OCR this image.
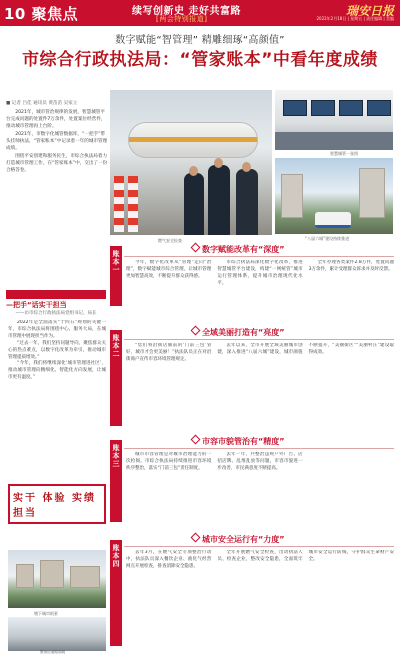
10 聚焦点	续写创新史 走好共富路
[两会特别报道]
瑞安日报
2022年2月18日 | 星期五 | 责任编辑 | 美编
数字赋能“智管理” 精雕细琢“高颜值”
市综合行政执法局：“管家账本”中看年度成绩
■ 记者 吕佳 通讯员 黄苗苗 吴家立

2021年，城市管治规律的发展，智慧城管平台完成问题的处置件7万余件，处置案位经营件，推动城市管理再上台阶。

2021年，市数字化城管数据库，“一把手”带头挂帅执法，“管家账本”中记录着一年的城市管理成绩。

围绕平安创建和服务民生，市综合执法局着力打造城市管理工作，在“管家账本”中，交出了一份合格答卷。

燃气安全检查
智慧城管一张图
“八届六城”建设持续推进
—把手“话实干担当
——访市综合行政执法局党组书记、局长

2022年是全面落实“十四五”规划的关键一年，市综合执法局将围绕中心、服务大局，在城市管理中展现担当作为。

“过去一年，我们坚持问题导向，聚焦群众关心的热点难点，以数字化改革为牵引，推动城市管理提质增效。”

“今年，我们将继续深化‘城市管理进社区’，推动城市管理向精细化、智能化方向发展，让城市更有温度。”

实干 体验 实绩 担当
塘下城市街景
整治后道路面貌
账本一
数字赋能改革有“深度”

今年，数字化改革从“管理”走向“治理”，数字赋能城市综合管理，让城市管理更加智慧高效，不断提升群众获得感。

市综合执法局深化数字化改革，推进智慧城管平台建设，构建“一网统管”城市运行管理体系，提升城市治理现代化水平。

全年办理各类案件2.8万件，处置问题3万余件，累计受理群众诉求并及时反馈。

账本二
全域美丽打造有“亮度”

“您们将沿街店铺前的‘门前三包’管好，城市才会更美丽！”执法队员正在对沿街商户宣传市容环境管理规定。

去年以来，全市开展全域美丽城市创建，深入推进“八届六城”建设，城市颜值不断提升，“美丽街区”“美丽村庄”建设取得成效。

账本三
市容市貌管治有“精度”

城市市容管理是对城市治理能力的一次检阅。市综合执法局持续推进市容环境秩序整治，落实“门前三包”责任制度。

去年一年，共整治违规户外广告、店招店牌、乱堆乱放等问题，市容市貌进一步改善，市民满意度不断提高。

账本四
城市安全运行有“力度”

去年3月，在燃气安全专项整治行动中，执法队员深入餐饮企业、液化气经营网点开展检查，排查消除安全隐患。

全年开展燃气安全检查，出动执法人员、检查企业，整改安全隐患，全面筑牢城市安全运行防线，守护群众生命财产安全。
